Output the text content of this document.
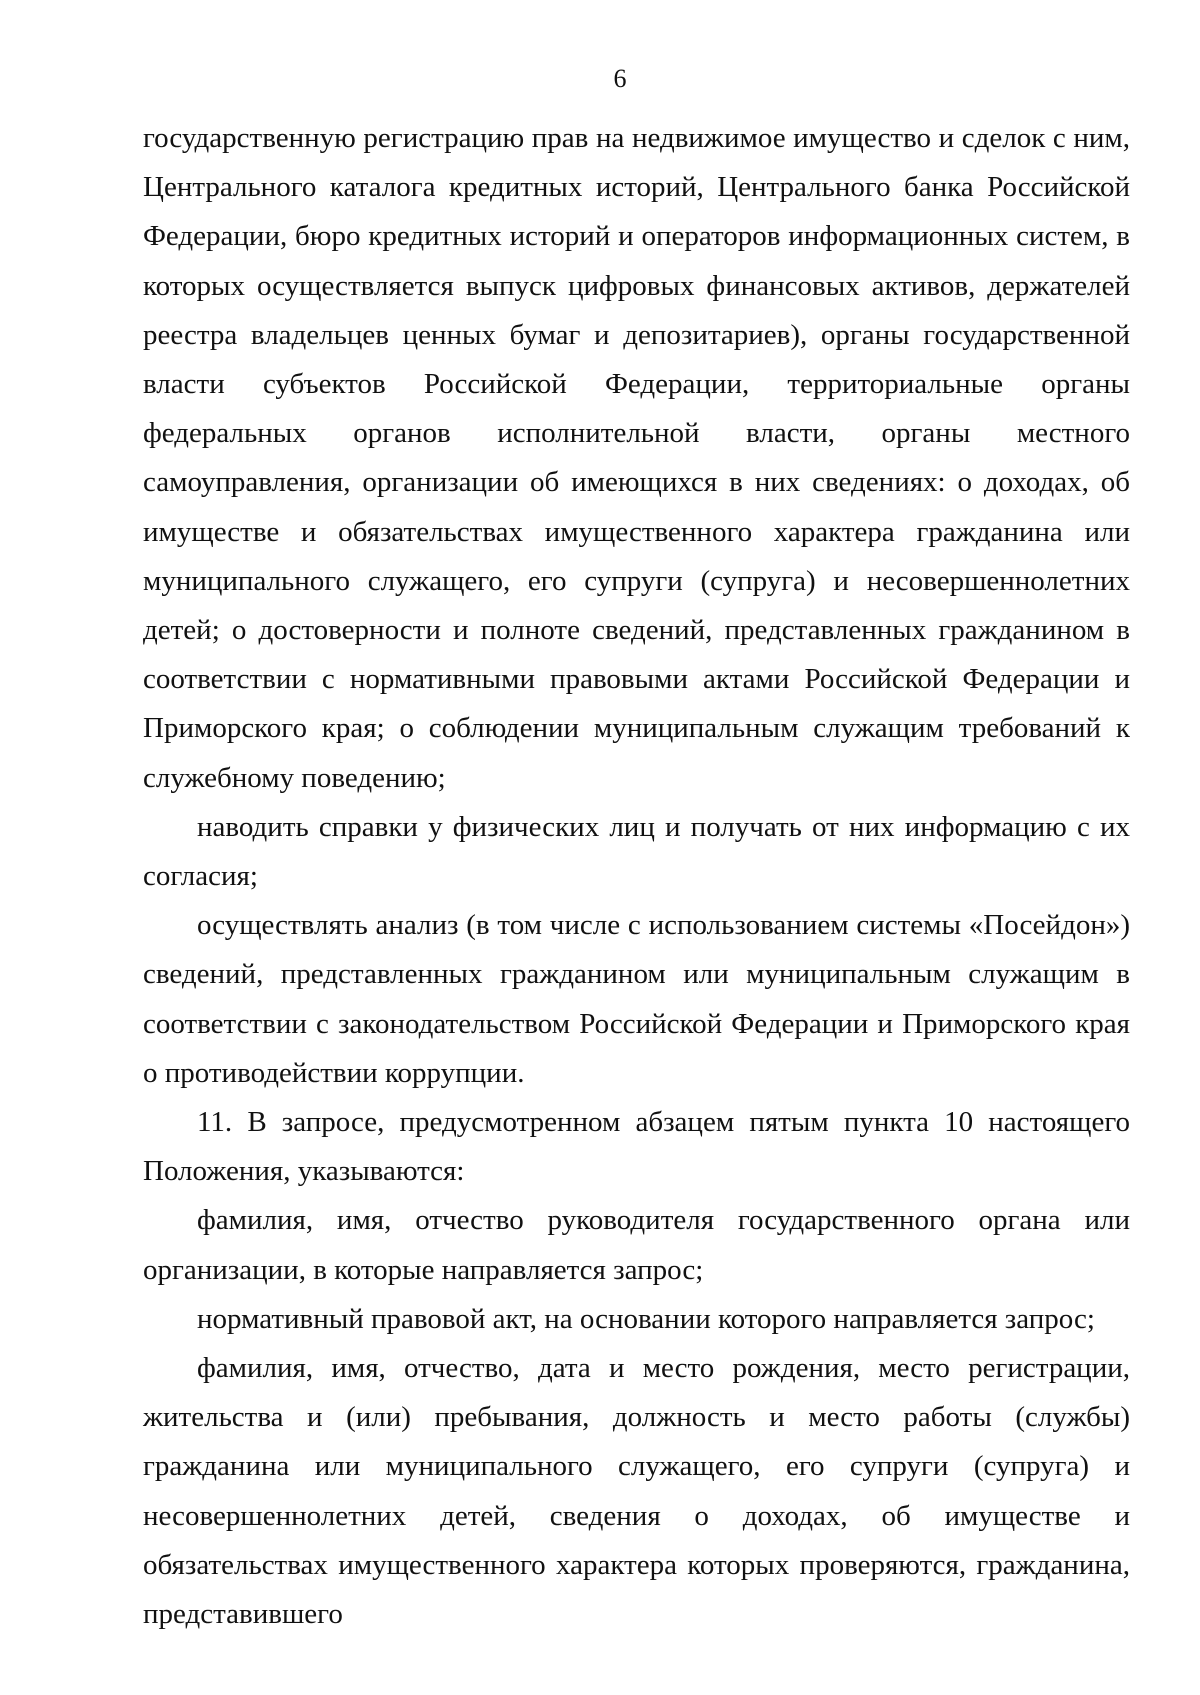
6

государственную регистрацию прав на недвижимое имущество и сделок с ним, Центрального каталога кредитных историй, Центрального банка Российской Федерации, бюро кредитных историй и операторов информационных систем, в которых осуществляется выпуск цифровых финансовых активов, держателей реестра владельцев ценных бумаг и депозитариев), органы государственной власти субъектов Российской Федерации, территориальные органы федеральных органов исполнительной власти, органы местного самоуправления, организации об имеющихся в них сведениях: о доходах, об имуществе и обязательствах имущественного характера гражданина или муниципального служащего, его супруги (супруга) и несовершеннолетних детей; о достоверности и полноте сведений, представленных гражданином в соответствии с нормативными правовыми актами Российской Федерации и Приморского края; о соблюдении муниципальным служащим требований к служебному поведению;

наводить справки у физических лиц и получать от них информацию с их согласия;

осуществлять анализ (в том числе с использованием системы «Посейдон») сведений, представленных гражданином или муниципальным служащим в соответствии с законодательством Российской Федерации и Приморского края о противодействии коррупции.

11. В запросе, предусмотренном абзацем пятым пункта 10 настоящего Положения, указываются:

фамилия, имя, отчество руководителя государственного органа или организации, в которые направляется запрос;

нормативный правовой акт, на основании которого направляется запрос;

фамилия, имя, отчество, дата и место рождения, место регистрации, жительства и (или) пребывания, должность и место работы (службы) гражданина или муниципального служащего, его супруги (супруга) и несовершеннолетних детей, сведения о доходах, об имуществе и обязательствах имущественного характера которых проверяются, гражданина, представившего
